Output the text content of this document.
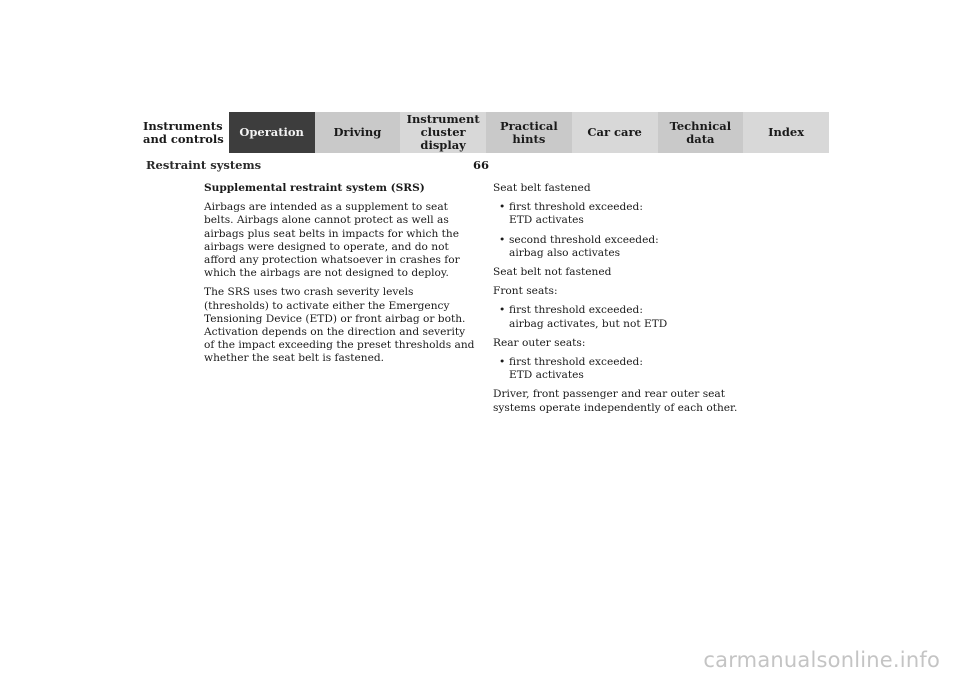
Instruments
and controls	Operation	Driving
Instrument
cluster display
Practical hints	Car care	Technical
data	Index
Restraint systems	66

Supplemental restraint system (SRS)

Airbags are intended as a supplement to seat belts. Airbags alone cannot protect as well as airbags plus seat belts in impacts for which the airbags were designed to operate, and do not afford any protection whatsoever in crashes for which the airbags are not designed to deploy.

The SRS uses two crash severity levels (thresholds) to activate either the Emergency Tensioning Device (ETD) or front airbag or both. Activation depends on the direction and severity of the impact exceeding the preset thresholds and whether the seat belt is fastened.

Seat belt fastened

• first threshold exceeded:
ETD activates
• second threshold exceeded:
airbag also activates

Seat belt not fastened

Front seats:

• first threshold exceeded:
airbag activates, but not ETD

Rear outer seats:

• first threshold exceeded:
ETD activates

Driver, front passenger and rear outer seat systems operate independently of each other.

carmanualsonline.info
